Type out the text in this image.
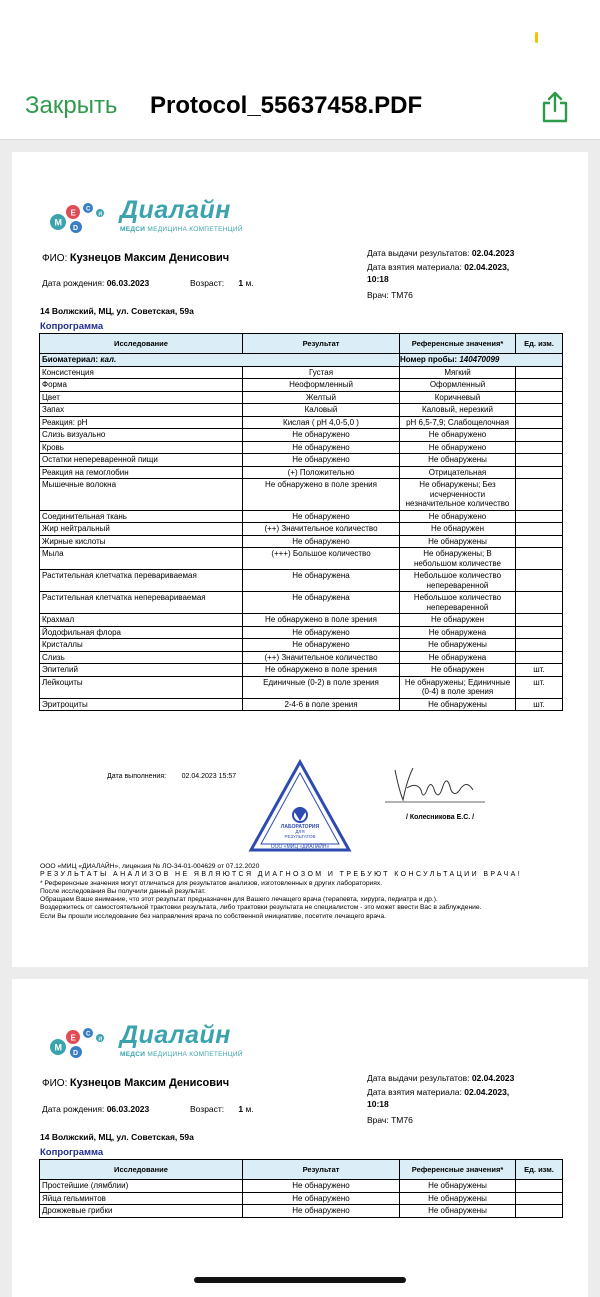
Закрыть Protocol_55637458.PDF
M
E
D
C
И Диалайн
МЕДСИ МЕДИЦИНА КОМПЕТЕНЦИЙ
ФИО: Кузнецов Максим Денисович
Дата рождения: 06.03.2023	Возраст: 1 м.
Дата выдачи результатов: 02.04.2023
Дата взятия материала: 02.04.2023,
10:18
Врач: ТМ76
14 Волжский, МЦ, ул. Советская, 59а
Копрограмма
Исследование	Результат	Референсные значения*	Ед. изм.
Биоматериал: кал.		Номер пробы: 140470099	
Консистенция	Густая	Мягкий	
Форма	Неоформленный	Оформленный	
Цвет	Желтый	Коричневый	
Запах	Каловый	Каловый, нерезкий	
Реакция: pH	Кислая ( pH 4,0-5,0 )	pH 6,5-7,9; Слабощелочная	
Слизь визуально	Не обнаружено	Не обнаружено	
Кровь	Не обнаружено	Не обнаружено	
Остатки непереваренной пищи	Не обнаружено	Не обнаружены	
Реакция на гемоглобин	(+) Положительно	Отрицательная	
Мышечные волокна	Не обнаружено в поле зрения	Не обнаружены; Без исчерченности незначительное количество	
Соединительная ткань	Не обнаружено	Не обнаружено	
Жир нейтральный	(++) Значительное количество	Не обнаружен	
Жирные кислоты	Не обнаружено	Не обнаружены	
Мыла	(+++) Большое количество	Не обнаружены; В небольшом количестве	
Растительная клетчатка перевариваемая	Не обнаружена	Небольшое количество непереваренной	
Растительная клетчатка неперевариваемая	Не обнаружена	Небольшое количество непереваренной	
Крахмал	Не обнаружено в поле зрения	Не обнаружен	
Йодофильная флора	Не обнаружено	Не обнаружена	
Кристаллы	Не обнаружено	Не обнаружены	
Слизь	(++) Значительное количество	Не обнаружена	
Эпителий	Не обнаружено в поле зрения	Не обнаружен	шт.
Лейкоциты	Единичные (0-2) в поле зрения	Не обнаружены; Единичные (0-4) в поле зрения	шт.
Эритроциты	2-4-6 в поле зрения	Не обнаружены	шт.
Дата выполнения: 02.04.2023 15:57
ЛАБОРАТОРИЯ
ДЛЯ
РЕЗУЛЬТАТОВ
ООО «МИЦ «ДИАЛАЙН»
/ Колесникова Е.С. /
ООО «МИЦ «ДИАЛАЙН», лицензия № ЛО-34-01-004629 от 07.12.2020
РЕЗУЛЬТАТЫ АНАЛИЗОВ НЕ ЯВЛЯЮТСЯ ДИАГНОЗОМ И ТРЕБУЮТ КОНСУЛЬТАЦИИ ВРАЧА!
* Референсные значения могут отличаться для результатов анализов, изготовленных в других лабораториях.
После исследования Вы получили данный результат.
Обращаем Ваше внимание, что этот результат предназначен для Вашего лечащего врача (терапевта, хирурга, педиатра и др.).
Воздержитесь от самостоятельной трактовки результата, либо трактовки результата не специалистом - это может ввести Вас в заблуждение.
Если Вы прошли исследование без направления врача по собственной инициативе, посетите лечащего врача.
M
E
D
C
И Диалайн
МЕДСИ МЕДИЦИНА КОМПЕТЕНЦИЙ
ФИО: Кузнецов Максим Денисович
Дата рождения: 06.03.2023	Возраст: 1 м.
Дата выдачи результатов: 02.04.2023
Дата взятия материала: 02.04.2023,
10:18
Врач: ТМ76
14 Волжский, МЦ, ул. Советская, 59а
Копрограмма
Исследование	Результат	Референсные значения*	Ед. изм.
Простейшие (лямблии)	Не обнаружено	Не обнаружены	
Яйца гельминтов	Не обнаружено	Не обнаружены	
Дрожжевые грибки	Не обнаружено	Не обнаружены	
